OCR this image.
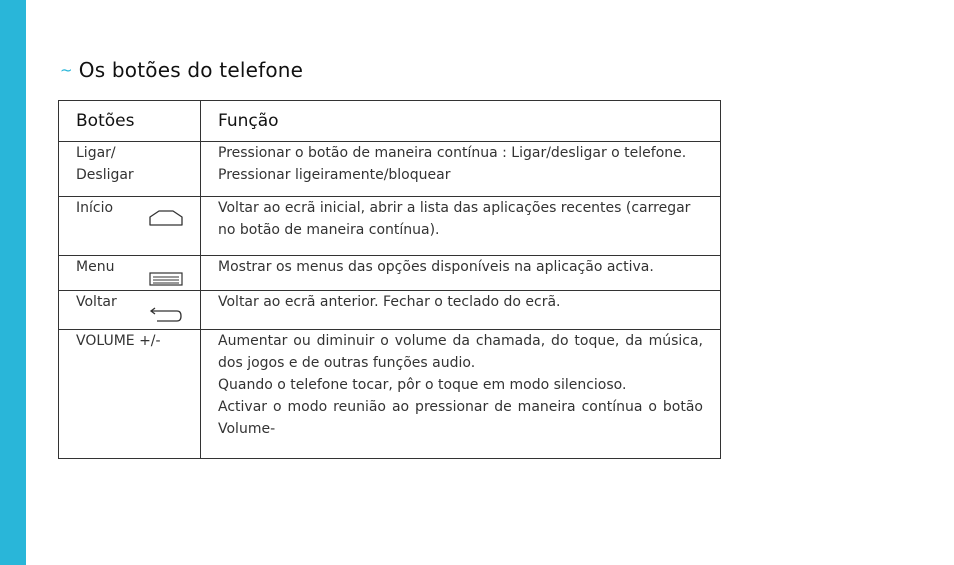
~ Os botões do telefone
Botões	Função

Ligar/ Desligar	Pressionar o botão de maneira contínua : Ligar/desligar o telefone. Pressionar ligeiramente/bloquear
Início	Voltar ao ecrã inicial, abrir a lista das aplicações recentes (carregar no botão de maneira contínua).
Menu	Mostrar os menus das opções disponíveis na aplicação activa.
Voltar	Voltar ao ecrã anterior. Fechar o teclado do ecrã.
VOLUME +/-	Aumentar ou diminuir o volume da chamada, do toque, da música, dos jogos e de outras funções audio.
Quando o telefone tocar, pôr o toque em modo silencioso.
Activar o modo reunião ao pressionar de maneira contínua o botão Volume-
